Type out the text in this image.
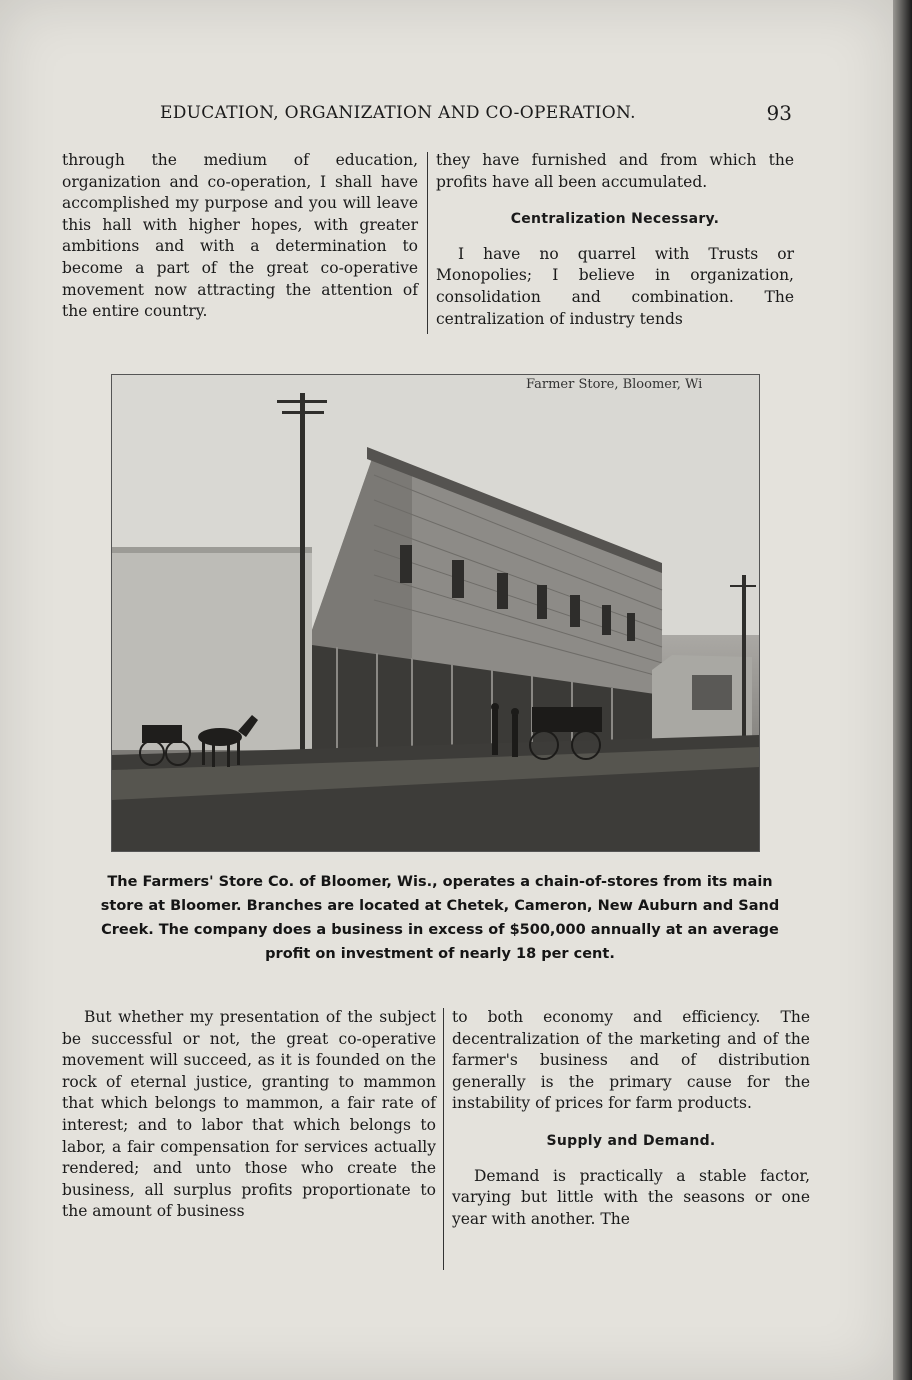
EDUCATION, ORGANIZATION AND CO-OPERATION.	93

through the medium of education, organization and co-operation, I shall have accomplished my purpose and you will leave this hall with higher hopes, with greater ambitions and with a determination to become a part of the great co-operative movement now attracting the attention of the entire country.

they have furnished and from which the profits have all been accumulated.

Centralization Necessary.

I have no quarrel with Trusts or Monopolies; I believe in organization, consolidation and combination. The centralization of industry tends

Farmer Store, Bloomer, Wi
The Farmers' Store Co. of Bloomer, Wis., operates a chain-of-stores from its main store at Bloomer. Branches are located at Chetek, Cameron, New Auburn and Sand Creek. The company does a business in excess of $500,000 annually at an average profit on investment of nearly 18 per cent.

But whether my presentation of the subject be successful or not, the great co-operative movement will succeed, as it is founded on the rock of eternal justice, granting to mammon that which belongs to mammon, a fair rate of interest; and to labor that which belongs to labor, a fair compensation for services actually rendered; and unto those who create the business, all surplus profits proportionate to the amount of business

to both economy and efficiency. The decentralization of the marketing and of the farmer's business and of distribution generally is the primary cause for the instability of prices for farm products.

Supply and Demand.

Demand is practically a stable factor, varying but little with the seasons or one year with another. The
